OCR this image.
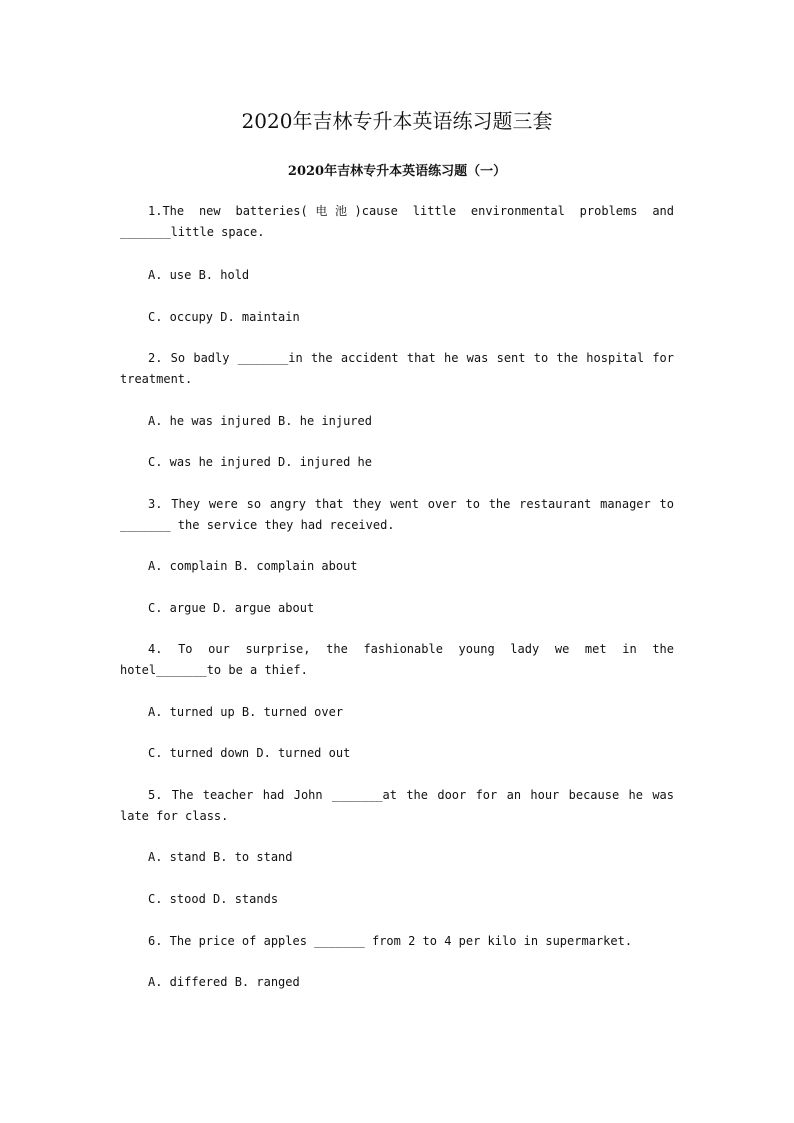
2020年吉林专升本英语练习题三套
2020年吉林专升本英语练习题（一）

1.The new batteries(电池)cause little environmental problems and _______little space.

A. use B. hold

C. occupy D. maintain

2. So badly _______in the accident that he was sent to the hospital for treatment.

A. he was injured B. he injured

C. was he injured D. injured he

3. They were so angry that they went over to the restaurant manager to _______ the service they had received.

A. complain B. complain about

C. argue D. argue about

4. To our surprise, the fashionable young lady we met in the hotel_______to be a thief.

A. turned up B. turned over

C. turned down D. turned out

5. The teacher had John _______at the door for an hour because he was late for class.

A. stand B. to stand

C. stood D. stands

6. The price of apples _______ from 2 to 4 per kilo in supermarket.

A. differed B. ranged
